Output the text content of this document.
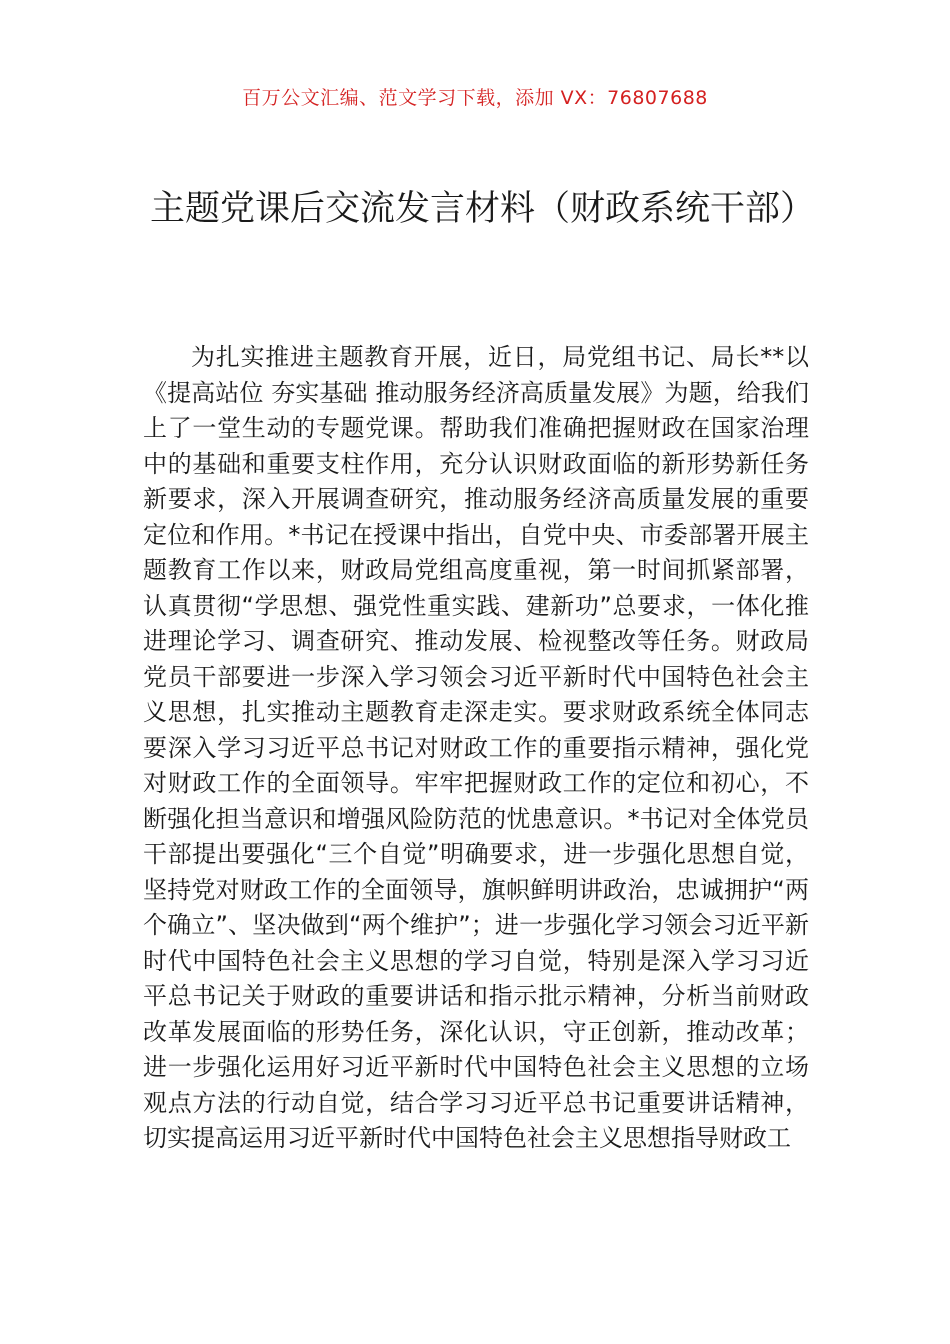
百万公文汇编、范文学习下载，添加 VX：76807688
主题党课后交流发言材料（财政系统干部）

为扎实推进主题教育开展，近日，局党组书记、局长**以《提高站位 夯实基础 推动服务经济高质量发展》为题，给我们上了一堂生动的专题党课。帮助我们准确把握财政在国家治理中的基础和重要支柱作用，充分认识财政面临的新形势新任务新要求，深入开展调查研究，推动服务经济高质量发展的重要定位和作用。*书记在授课中指出，自党中央、市委部署开展主题教育工作以来，财政局党组高度重视，第一时间抓紧部署，认真贯彻“学思想、强党性重实践、建新功”总要求，一体化推进理论学习、调查研究、推动发展、检视整改等任务。财政局党员干部要进一步深入学习领会习近平新时代中国特色社会主义思想，扎实推动主题教育走深走实。要求财政系统全体同志要深入学习习近平总书记对财政工作的重要指示精神，强化党对财政工作的全面领导。牢牢把握财政工作的定位和初心，不断强化担当意识和增强风险防范的忧患意识。*书记对全体党员干部提出要强化“三个自觉”明确要求，进一步强化思想自觉，坚持党对财政工作的全面领导，旗帜鲜明讲政治，忠诚拥护“两个确立”、坚决做到“两个维护”；进一步强化学习领会习近平新时代中国特色社会主义思想的学习自觉，特别是深入学习习近平总书记关于财政的重要讲话和指示批示精神，分析当前财政改革发展面临的形势任务，深化认识，守正创新，推动改革；进一步强化运用好习近平新时代中国特色社会主义思想的立场观点方法的行动自觉，结合学习习近平总书记重要讲话精神，切实提高运用习近平新时代中国特色社会主义思想指导财政工
